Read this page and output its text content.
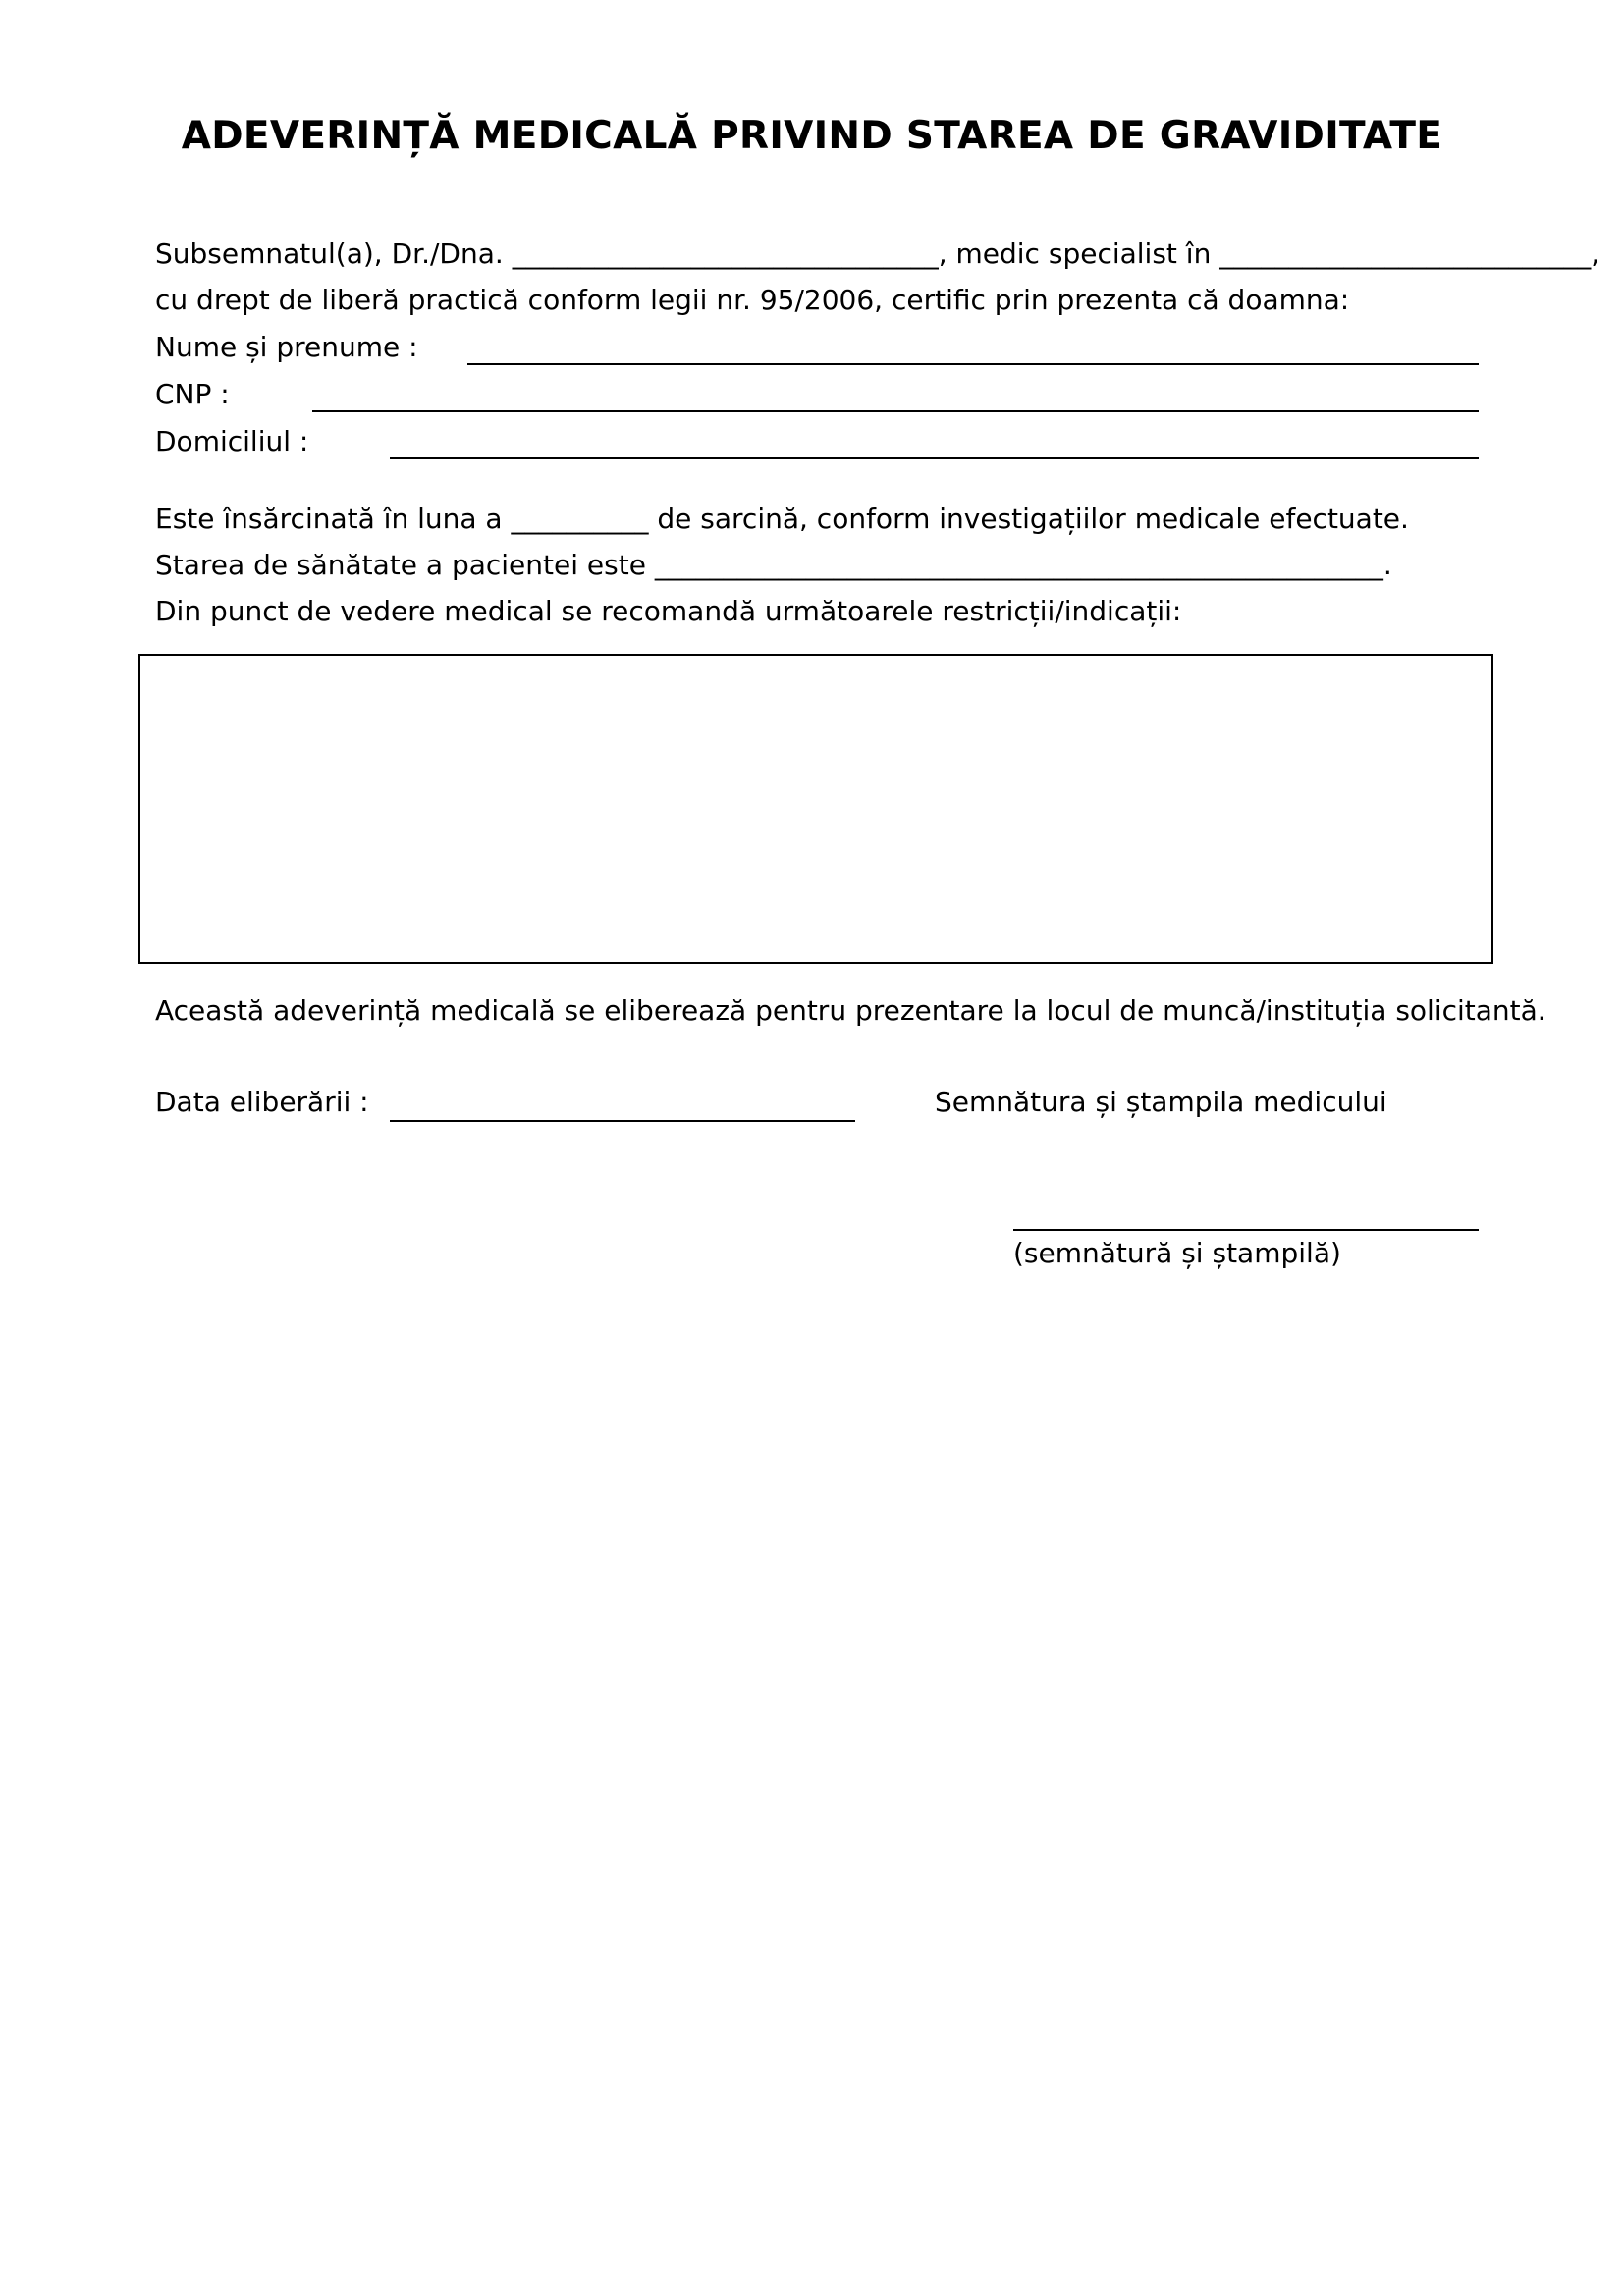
ADEVERINȚĂ MEDICALĂ PRIVIND STAREA DE GRAVIDITATE

Subsemnatul(a), Dr./Dna. _______________________________, medic specialist în ___________________________,

cu drept de liberă practică conform legii nr. 95/2006, certific prin prezenta că doamna:

Nume și prenume :

CNP :

Domiciliul :

Este însărcinată în luna a __________ de sarcină, conform investigațiilor medicale efectuate.

Starea de sănătate a pacientei este _____________________________________________________.

Din punct de vedere medical se recomandă următoarele restricții/indicații:

Această adeverință medicală se eliberează pentru prezentare la locul de muncă/instituția solicitantă.

Data eliberării :	Semnătura și ștampila medicului

(semnătură și ștampilă)
